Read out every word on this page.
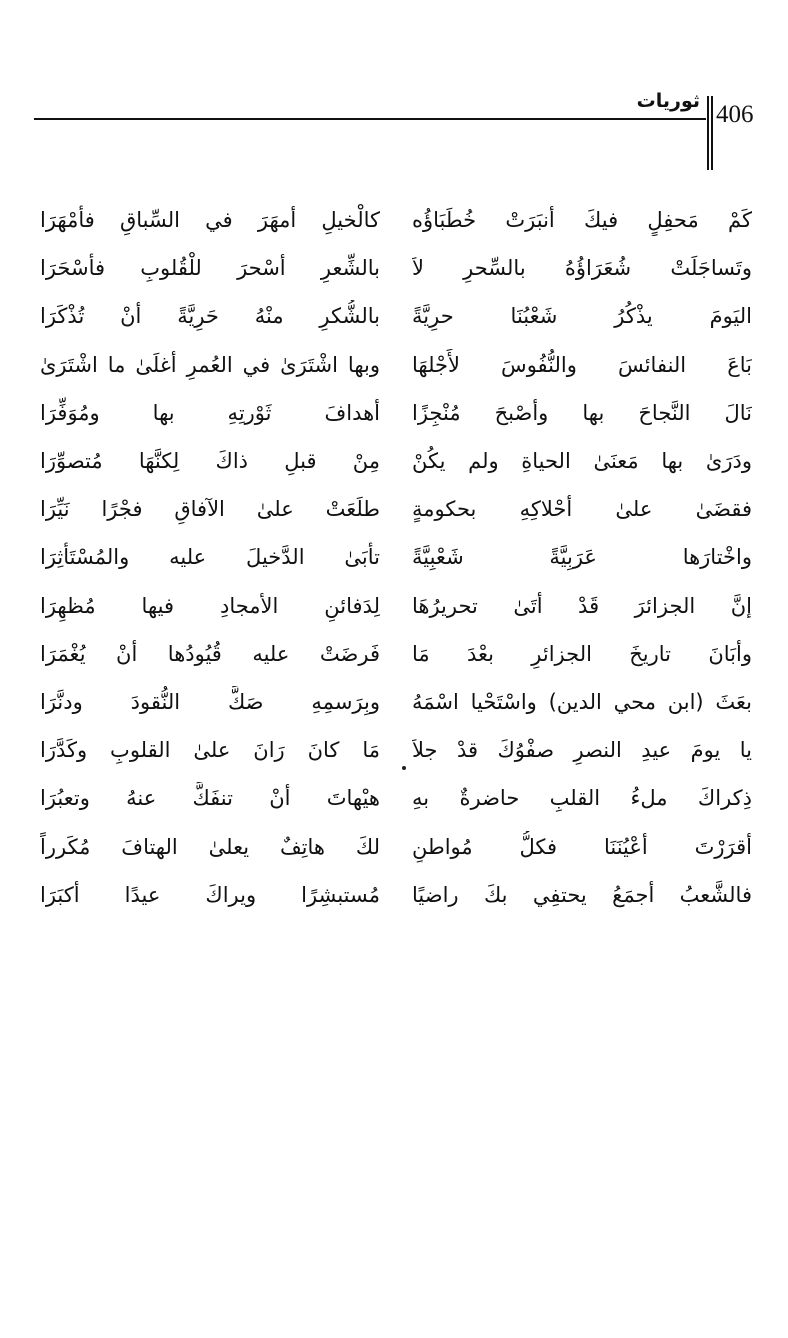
406
ثوريات
كَمْ مَحفِلٍ فيكَ أنبَرَتْ خُطَبَاؤُه
كالْخيلِ أمهَرَ في السِّباقِ فأمْهَرَا
وتَساجَلَتْ شُعَرَاؤُهُ بالسِّحرِ لاَ
بالشِّعرِ أسْحرَ للْقُلوبِ فأسْحَرَا
اليَومَ يذْكُرُ شَعْبُنَا حرِيَّةً
بالشُّكرِ منْهُ حَرِيَّةً أنْ تُذْكَرَا
بَاعَ النفائسَ والنُّفُوسَ لأَجْلهَا
وبها اشْتَرَىٰ في العُمرِ أغلَىٰ ما اشْتَرَىٰ
نَالَ النَّجاحَ بها وأصْبحَ مُنْجِزًا
أهدافَ ثَوْرتِهِ بها ومُوَفِّرَا
ودَرَىٰ بها مَعنَىٰ الحياةِ ولم يكُنْ
مِنْ قبلِ ذاكَ لِكنَّهَا مُتصوِّرَا
فقضَىٰ علىٰ أحْلاكِهِ بحكومةٍ
طلَعَتْ علىٰ الآفاقِ فجْرًا نَيِّرَا
واخْتارَها عَرَبِيَّةً شَعْبِيَّةً
تأبَىٰ الدَّخيلَ عليه والمُسْتَأْثِرَا
إنَّ الجزائرَ قَدْ أتَىٰ تحريرُهَا
لِدَفائنِ الأمجادِ فيها مُظهِرَا
وأبَانَ تاريخَ الجزائرِ بعْدَ مَا
فَرضَتْ عليه قُيُودُها أنْ يُغْمَرَا
بعَثَ (ابن محي الدين) واسْتَحْيا اسْمَهُ
وبِرَسمِهِ صَكَّ النُّقودَ ودنَّرَا
يا يومَ عيدِ النصرِ صفْوُكَ قدْ جلاَ
مَا كانَ رَانَ علىٰ القلوبِ وكَدَّرَا
ذِكراكَ ملءُ القلبِ حاضرةٌ بهِ
هيْهاتَ أنْ تنفَكَّ عنهُ وتعبُرَا
أقرَرْتَ أعْيُنَنَا فكلُّ مُواطنٍ
لكَ هاتِفٌ يعلىٰ الهتافَ مُكَرراً
فالشَّعبُ أجمَعُ يحتفِي بكَ راضيًا
مُستبشِرًا ويراكَ عيدًا أكبَرَا
